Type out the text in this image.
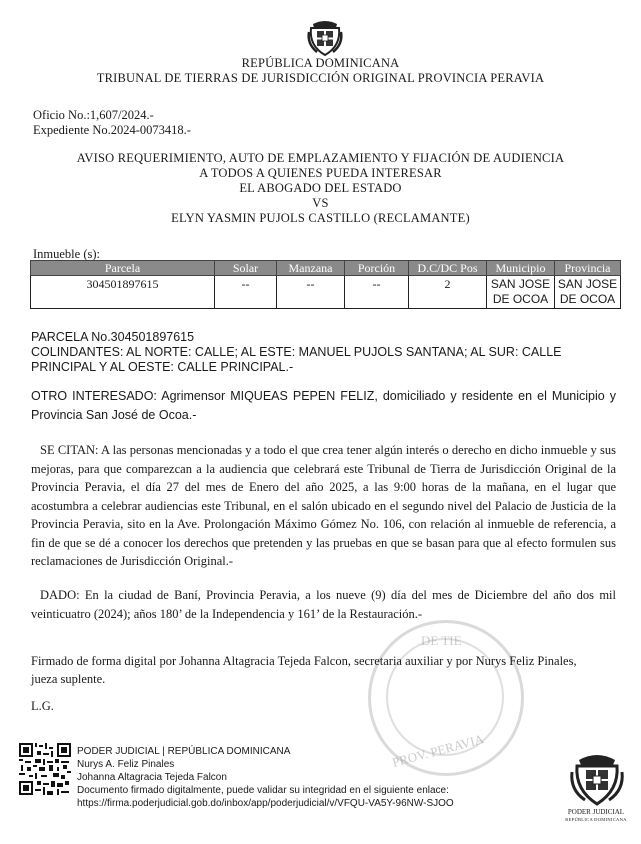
REPÚBLICA DOMINICANA
TRIBUNAL DE TIERRAS DE JURISDICCIÓN ORIGINAL PROVINCIA PERAVIA
Oficio No.:1,607/2024.-
Expediente No.2024-0073418.-
AVISO REQUERIMIENTO, AUTO DE EMPLAZAMIENTO Y FIJACIÓN DE AUDIENCIA
A TODOS A QUIENES PUEDA INTERESAR
EL ABOGADO DEL ESTADO
VS
ELYN YASMIN PUJOLS CASTILLO (RECLAMANTE)
Inmueble (s):
Parcela	Solar	Manzana	Porción	D.C/DC Pos	Municipio	Provincia
304501897615	--	--	--	2	SAN JOSE DE OCOA	SAN JOSE DE OCOA
PARCELA No.304501897615
COLINDANTES: AL NORTE: CALLE; AL ESTE: MANUEL PUJOLS SANTANA; AL SUR: CALLE PRINCIPAL Y AL OESTE: CALLE PRINCIPAL.-
OTRO INTERESADO: Agrimensor MIQUEAS PEPEN FELIZ, domiciliado y residente en el Municipio y Provincia San José de Ocoa.-
SE CITAN: A las personas mencionadas y a todo el que crea tener algún interés o derecho en dicho inmueble y sus mejoras, para que comparezcan a la audiencia que celebrará este Tribunal de Tierra de Jurisdicción Original de la Provincia Peravia, el día 27 del mes de Enero del año 2025, a las 9:00 horas de la mañana, en el lugar que acostumbra a celebrar audiencias este Tribunal, en el salón ubicado en el segundo nivel del Palacio de Justicia de la Provincia Peravia, sito en la Ave. Prolongación Máximo Gómez No. 106, con relación al inmueble de referencia, a fin de que se dé a conocer los derechos que pretenden y las pruebas en que se basan para que al efecto formulen sus reclamaciones de Jurisdicción Original.-
DADO: En la ciudad de Baní, Provincia Peravia, a los nueve (9) día del mes de Diciembre del año dos mil veinticuatro (2024); años 180’ de la Independencia y 161’ de la Restauración.-
DE TIE
PROV. PERAVIA
Firmado de forma digital por Johanna Altagracia Tejeda Falcon, secretaria auxiliar y por Nurys Feliz Pinales, jueza suplente.
L.G.
PODER JUDICIAL | REPÚBLICA DOMINICANA
Nurys A. Feliz Pinales
Johanna Altagracia Tejeda Falcon
Documento firmado digitalmente, puede validar su integridad en el siguiente enlace:
https://firma.poderjudicial.gob.do/inbox/app/poderjudicial/v/VFQU-VA5Y-96NW-SJOO
PODER JUDICIAL
REPÚBLICA DOMINICANA
